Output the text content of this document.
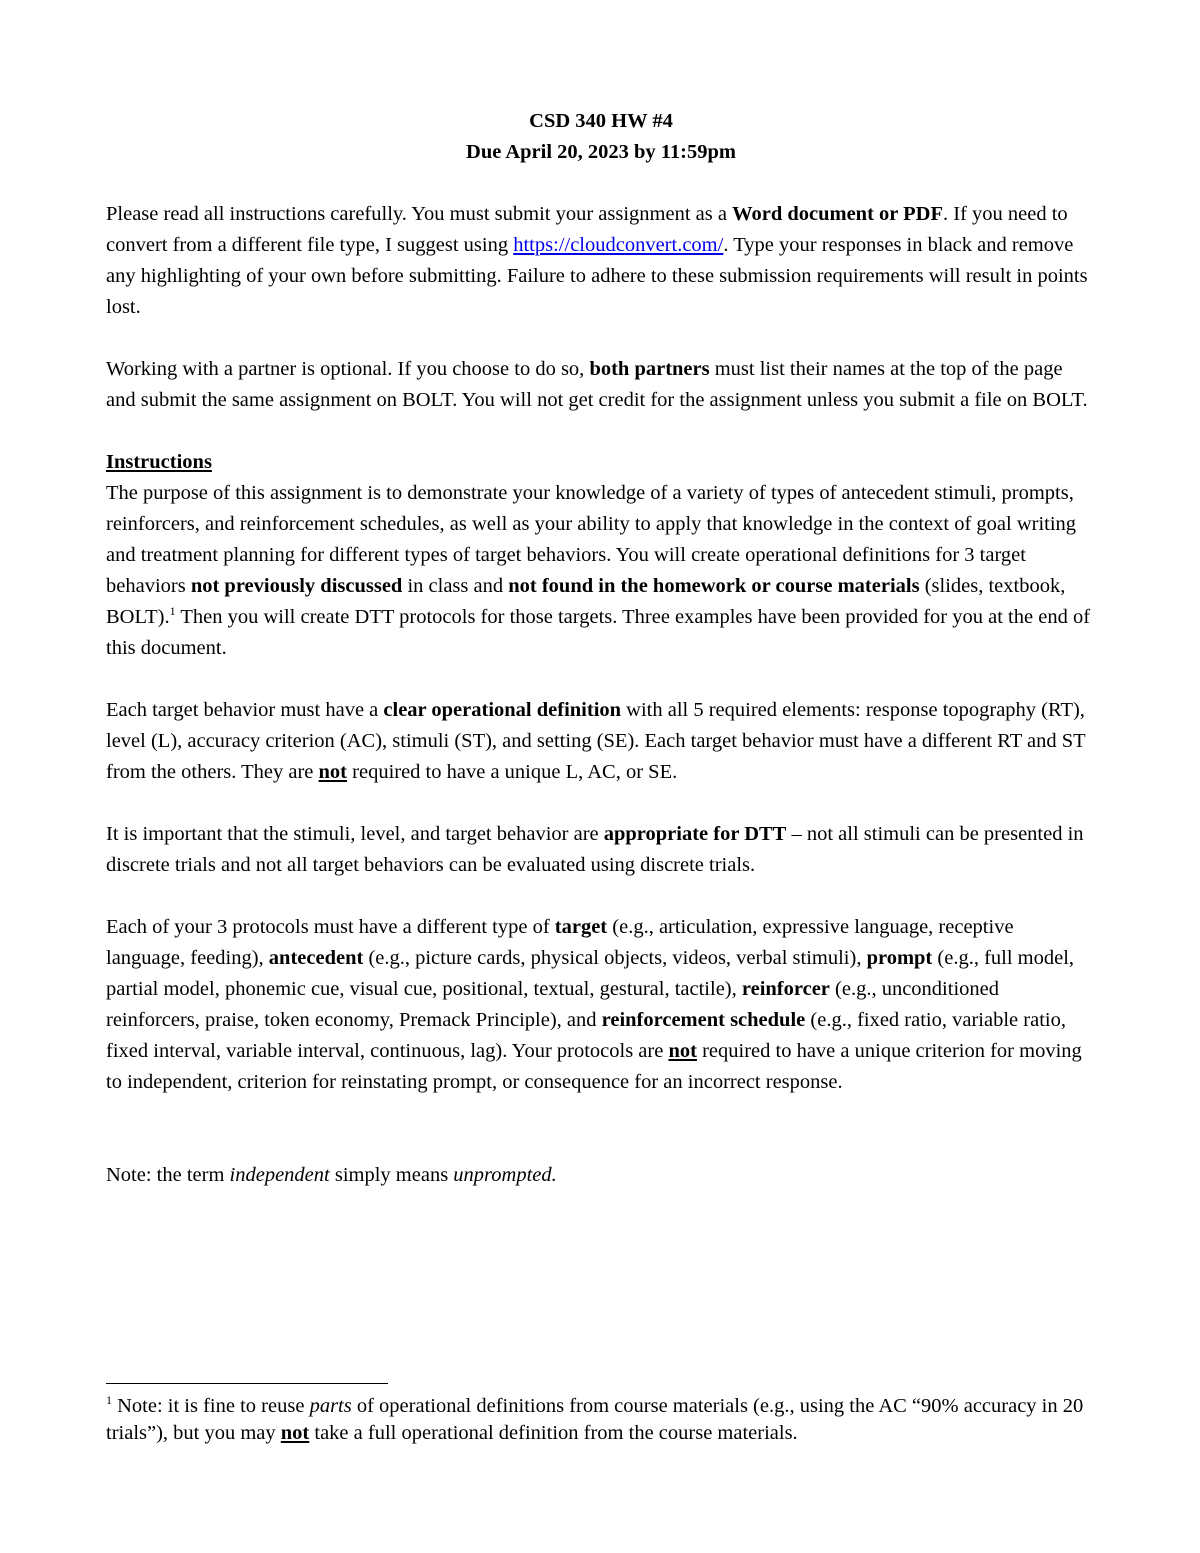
CSD 340 HW #4

Due April 20, 2023 by 11:59pm

Please read all instructions carefully. You must submit your assignment as a Word document or PDF. If you need to convert from a different file type, I suggest using https://cloudconvert.com/. Type your responses in black and remove any highlighting of your own before submitting. Failure to adhere to these submission requirements will result in points lost.

Working with a partner is optional. If you choose to do so, both partners must list their names at the top of the page and submit the same assignment on BOLT. You will not get credit for the assignment unless you submit a file on BOLT.

Instructions

The purpose of this assignment is to demonstrate your knowledge of a variety of types of antecedent stimuli, prompts, reinforcers, and reinforcement schedules, as well as your ability to apply that knowledge in the context of goal writing and treatment planning for different types of target behaviors. You will create operational definitions for 3 target behaviors not previously discussed in class and not found in the homework or course materials (slides, textbook, BOLT).$^1$ Then you will create DTT protocols for those targets. Three examples have been provided for you at the end of this document.

Each target behavior must have a clear operational definition with all 5 required elements: response topography (RT), level (L), accuracy criterion (AC), stimuli (ST), and setting (SE). Each target behavior must have a different RT and ST from the others. They are not required to have a unique L, AC, or SE.

It is important that the stimuli, level, and target behavior are appropriate for DTT – not all stimuli can be presented in discrete trials and not all target behaviors can be evaluated using discrete trials.

Each of your 3 protocols must have a different type of target (e.g., articulation, expressive language, receptive language, feeding), antecedent (e.g., picture cards, physical objects, videos, verbal stimuli), prompt (e.g., full model, partial model, phonemic cue, visual cue, positional, textual, gestural, tactile), reinforcer (e.g., unconditioned reinforcers, praise, token economy, Premack Principle), and reinforcement schedule (e.g., fixed ratio, variable ratio, fixed interval, variable interval, continuous, lag). Your protocols are not required to have a unique criterion for moving to independent, criterion for reinstating prompt, or consequence for an incorrect response.

Note: the term independent simply means unprompted.

$^1$ Note: it is fine to reuse parts of operational definitions from course materials (e.g., using the AC “90% accuracy in 20 trials”), but you may not take a full operational definition from the course materials.
